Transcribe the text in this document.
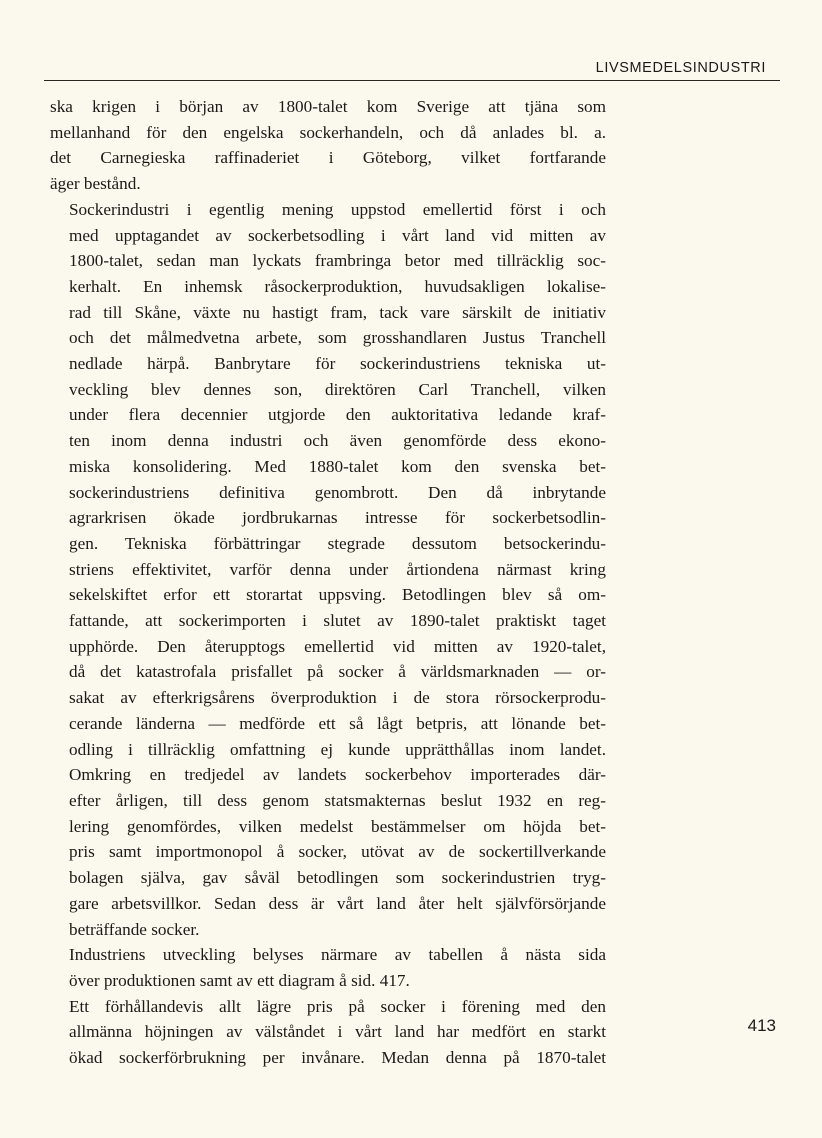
LIVSMEDELSINDUSTRI

ska krigen i början av 1800-talet kom Sverige att tjäna som
mellanhand för den engelska sockerhandeln, och då anlades bl. a.
det Carnegieska raffinaderiet i Göteborg, vilket fortfarande
äger bestånd.

Sockerindustri i egentlig mening uppstod emellertid först i och
med upptagandet av sockerbetsodling i vårt land vid mitten av
1800-talet, sedan man lyckats frambringa betor med tillräcklig soc-
kerhalt. En inhemsk råsockerproduktion, huvudsakligen lokalise-
rad till Skåne, växte nu hastigt fram, tack vare särskilt de initiativ
och det målmedvetna arbete, som grosshandlaren Justus Tranchell
nedlade härpå. Banbrytare för sockerindustriens tekniska ut-
veckling blev dennes son, direktören Carl Tranchell, vilken
under flera decennier utgjorde den auktoritativa ledande kraf-
ten inom denna industri och även genomförde dess ekono-
miska konsolidering. Med 1880-talet kom den svenska bet-
sockerindustriens definitiva genombrott. Den då inbrytande
agrarkrisen ökade jordbrukarnas intresse för sockerbetsodlin-
gen. Tekniska förbättringar stegrade dessutom betsockerindu-
striens effektivitet, varför denna under årtiondena närmast kring
sekelskiftet erfor ett storartat uppsving. Betodlingen blev så om-
fattande, att sockerimporten i slutet av 1890-talet praktiskt taget
upphörde. Den återupptogs emellertid vid mitten av 1920-talet,
då det katastrofala prisfallet på socker å världsmarknaden — or-
sakat av efterkrigsårens överproduktion i de stora rörsockerprodu-
cerande länderna — medförde ett så lågt betpris, att lönande bet-
odling i tillräcklig omfattning ej kunde upprätthållas inom landet.
Omkring en tredjedel av landets sockerbehov importerades där-
efter årligen, till dess genom statsmakternas beslut 1932 en reg-
lering genomfördes, vilken medelst bestämmelser om höjda bet-
pris samt importmonopol å socker, utövat av de sockertillverkande
bolagen själva, gav såväl betodlingen som sockerindustrien tryg-
gare arbetsvillkor. Sedan dess är vårt land åter helt självförsörjande
beträffande socker.

Industriens utveckling belyses närmare av tabellen å nästa sida
över produktionen samt av ett diagram å sid. 417.

Ett förhållandevis allt lägre pris på socker i förening med den
allmänna höjningen av välståndet i vårt land har medfört en starkt
ökad sockerförbrukning per invånare. Medan denna på 1870-talet

413
